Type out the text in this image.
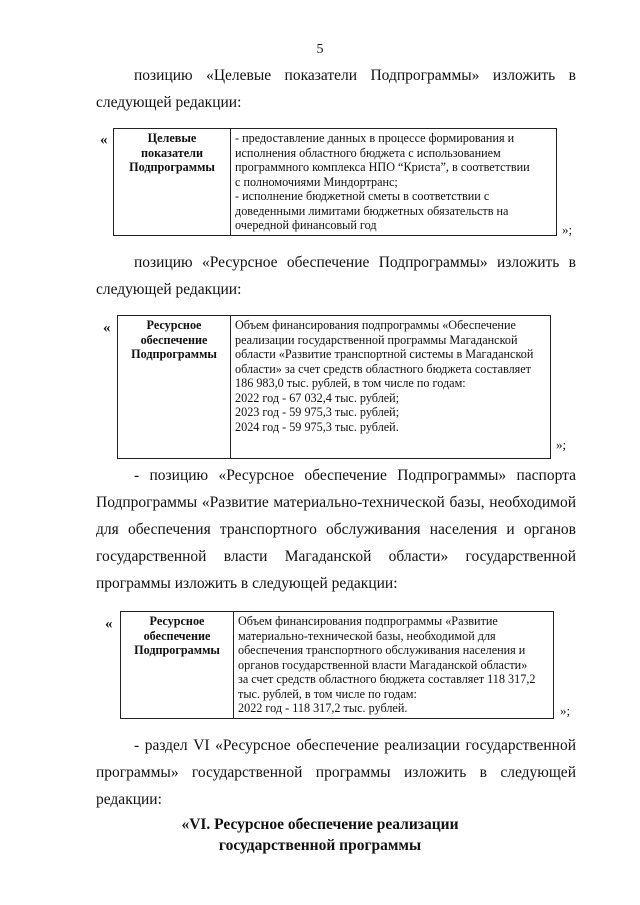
5
позицию «Целевые показатели Подпрограммы» изложить в
следующей редакции:
«	Целевые
показатели
Подпрограммы

- предоставление данных в процессе формирования и
исполнения областного бюджета с использованием
программного комплекса НПО “Криста”, в соответствии
с полномочиями Миндортранс;
- исполнение бюджетной сметы в соответствии с
доведенными лимитами бюджетных обязательств на
очередной финансовый год	»;
позицию «Ресурсное обеспечение Подпрограммы» изложить в
следующей редакции:
«	Ресурсное
обеспечение
Подпрограммы

Объем финансирования подпрограммы «Обеспечение
реализации государственной программы Магаданской
области «Развитие транспортной системы в Магаданской
области» за счет средств областного бюджета составляет
186 983,0 тыс. рублей, в том числе по годам:
2022 год - 67 032,4 тыс. рублей;
2023 год - 59 975,3 тыс. рублей;
2024 год - 59 975,3 тыс. рублей.
»;
- позицию «Ресурсное обеспечение Подпрограммы» паспорта
Подпрограммы «Развитие материально-технической базы, необходимой
для обеспечения транспортного обслуживания населения и органов
государственной власти Магаданской области» государственной
программы изложить в следующей редакции:
«	Ресурсное
обеспечение
Подпрограммы

Объем финансирования подпрограммы «Развитие
материально-технической базы, необходимой для
обеспечения транспортного обслуживания населения и
органов государственной власти Магаданской области»
за счет средств областного бюджета составляет 118 317,2
тыс. рублей, в том числе по годам:
2022 год - 118 317,2 тыс. рублей.	»;
- раздел VI «Ресурсное обеспечение реализации государственной
программы» государственной программы изложить в следующей
редакции:
«VI. Ресурсное обеспечение реализации
государственной программы
